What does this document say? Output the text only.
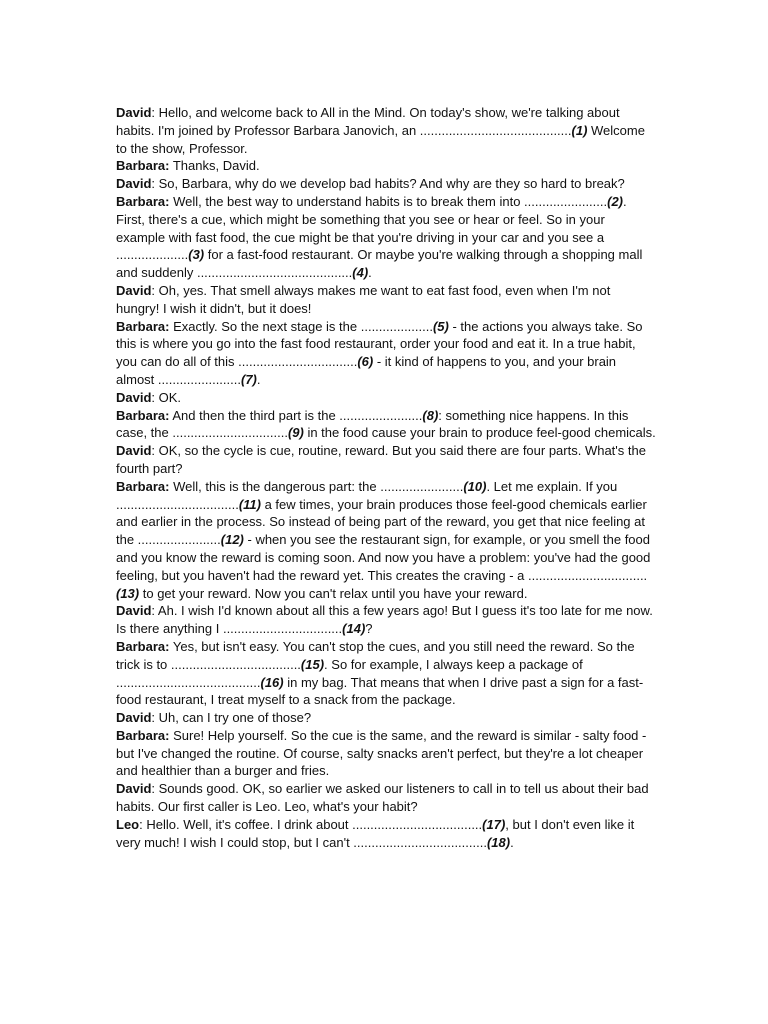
David: Hello, and welcome back to All in the Mind. On today's show, we're talking about habits. I'm joined by Professor Barbara Janovich, an ..........................................(1) Welcome to the show, Professor.

Barbara: Thanks, David.

David: So, Barbara, why do we develop bad habits? And why are they so hard to break?

Barbara: Well, the best way to understand habits is to break them into .......................(2). First, there's a cue, which might be something that you see or hear or feel. So in your example with fast food, the cue might be that you're driving in your car and you see a ....................(3) for a fast-food restaurant. Or maybe you're walking through a shopping mall and suddenly ...........................................(4).

David: Oh, yes. That smell always makes me want to eat fast food, even when I'm not hungry! I wish it didn't, but it does!

Barbara: Exactly. So the next stage is the ....................(5) - the actions you always take. So this is where you go into the fast food restaurant, order your food and eat it. In a true habit, you can do all of this .................................(6) - it kind of happens to you, and your brain almost .......................(7).

David: OK.

Barbara: And then the third part is the .......................(8): something nice happens. In this case, the ................................(9) in the food cause your brain to produce feel-good chemicals.

David: OK, so the cycle is cue, routine, reward. But you said there are four parts. What's the fourth part?

Barbara: Well, this is the dangerous part: the .......................(10). Let me explain. If you ..................................(11) a few times, your brain produces those feel-good chemicals earlier and earlier in the process. So instead of being part of the reward, you get that nice feeling at the .......................(12) - when you see the restaurant sign, for example, or you smell the food and you know the reward is coming soon. And now you have a problem: you've had the good feeling, but you haven't had the reward yet. This creates the craving - a .................................(13) to get your reward. Now you can't relax until you have your reward.

David: Ah. I wish I'd known about all this a few years ago! But I guess it's too late for me now. Is there anything I .................................(14)?

Barbara: Yes, but isn't easy. You can't stop the cues, and you still need the reward. So the trick is to ....................................(15). So for example, I always keep a package of ........................................(16) in my bag. That means that when I drive past a sign for a fast-food restaurant, I treat myself to a snack from the package.

David: Uh, can I try one of those?

Barbara: Sure! Help yourself. So the cue is the same, and the reward is similar - salty food - but I've changed the routine. Of course, salty snacks aren't perfect, but they're a lot cheaper and healthier than a burger and fries.

David: Sounds good. OK, so earlier we asked our listeners to call in to tell us about their bad habits. Our first caller is Leo. Leo, what's your habit?

Leo: Hello. Well, it's coffee. I drink about ....................................(17), but I don't even like it very much! I wish I could stop, but I can't .....................................(18).
